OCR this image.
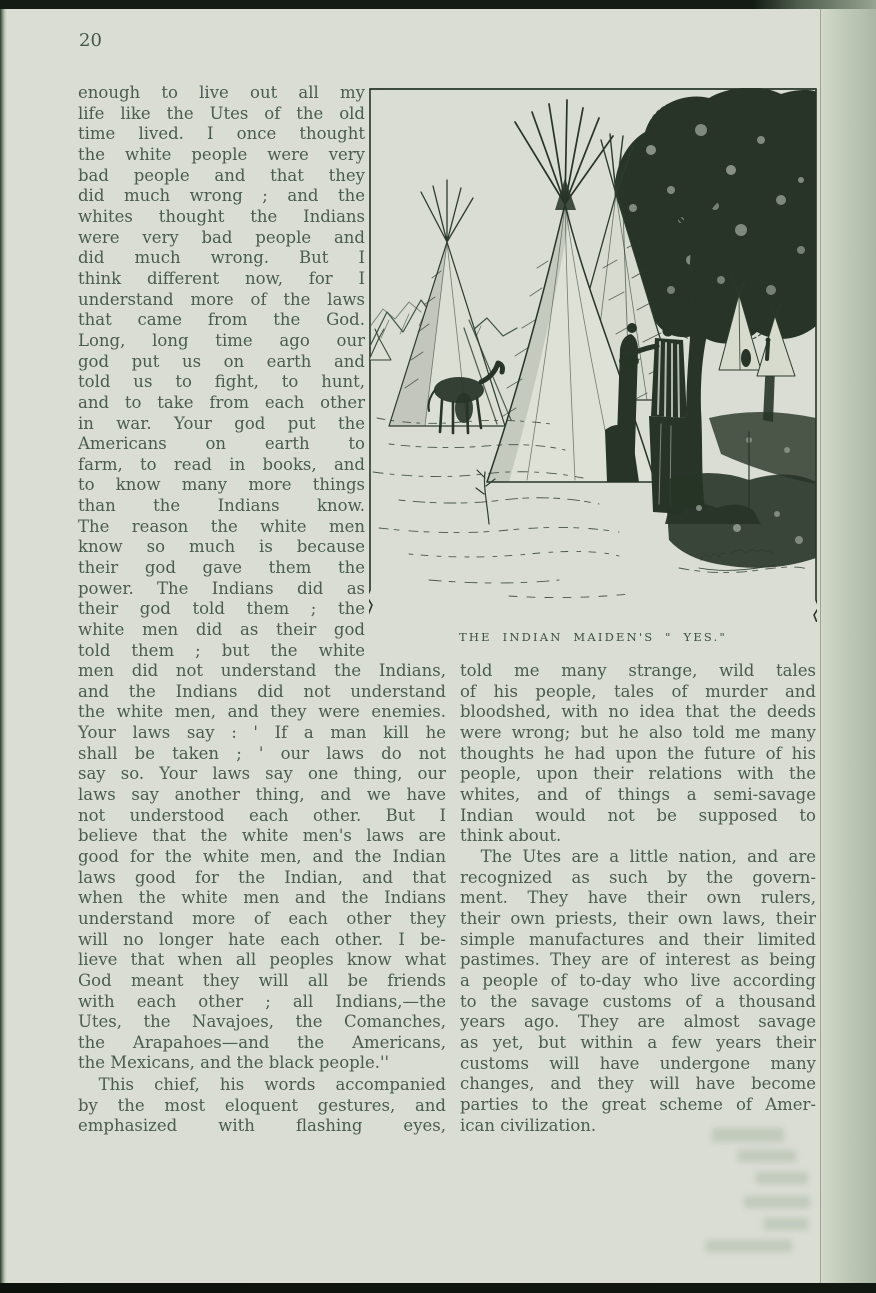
20
enough to live out all my
life like the Utes of the old
time lived. I once thought
the white people were very
bad people and that they
did much wrong ; and the
whites thought the Indians
were very bad people and
did much wrong. But I
think different now, for I
understand more of the laws
that came from the God.
Long, long time ago our
god put us on earth and
told us to fight, to hunt,
and to take from each other
in war. Your god put the
Americans on earth to
farm, to read in books, and
to know many more things
than the Indians know.
The reason the white men
know so much is because
their god gave them the
power. The Indians did as
their god told them ; the
white men did as their god
told them ; but the white
men did not understand the Indians,
and the Indians did not understand
the white men, and they were enemies.
Your laws say : ' If a man kill he
shall be taken ; ' our laws do not
say so. Your laws say one thing, our
laws say another thing, and we have
not understood each other. But I
believe that the white men's laws are
good for the white men, and the Indian
laws good for the Indian, and that
when the white men and the Indians
understand more of each other they
will no longer hate each other. I be-
lieve that when all peoples know what
God meant they will all be friends
with each other ; all Indians,—the
Utes, the Navajoes, the Comanches,
the Arapahoes—and the Americans,
the Mexicans, and the black people.''
This chief, his words accompanied
by the most eloquent gestures, and
emphasized with flashing eyes,
told me many strange, wild tales
of his people, tales of murder and
bloodshed, with no idea that the deeds
were wrong; but he also told me many
thoughts he had upon the future of his
people, upon their relations with the
whites, and of things a semi-savage
Indian would not be supposed to
think about.
The Utes are a little nation, and are
recognized as such by the govern-
ment. They have their own rulers,
their own priests, their own laws, their
simple manufactures and their limited
pastimes. They are of interest as being
a people of to-day who live according
to the savage customs of a thousand
years ago. They are almost savage
as yet, but within a few years their
customs will have undergone many
changes, and they will have become
parties to the great scheme of Amer-
ican civilization.
THE INDIAN MAIDEN'S " YES."
